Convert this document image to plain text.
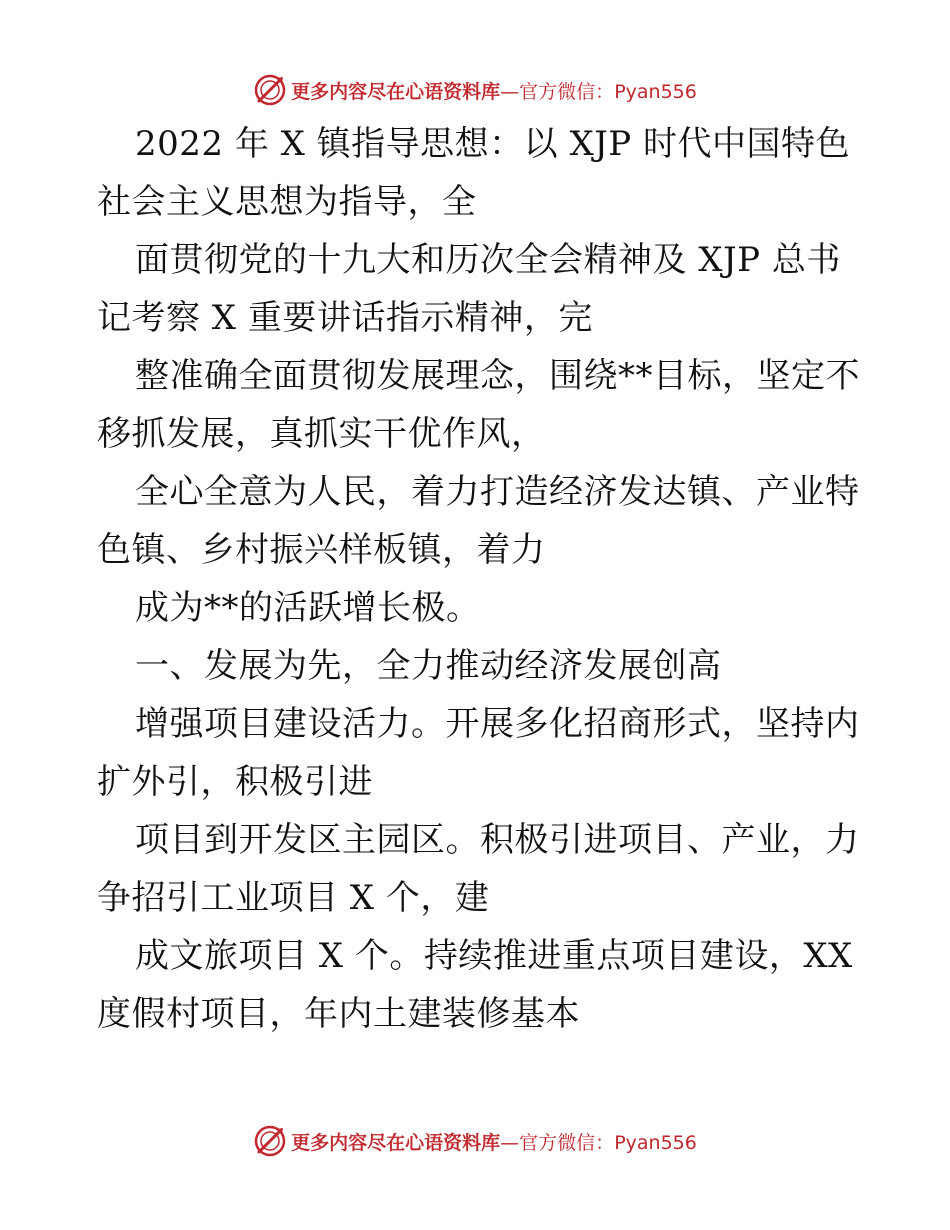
更多内容尽在心语资料库—官方微信：Pyan556
2022 年 X 镇指导思想：以 XJP 时代中国特色
社会主义思想为指导，全
面贯彻党的十九大和历次全会精神及 XJP 总书
记考察 X 重要讲话指示精神，完
整准确全面贯彻发展理念，围绕**目标，坚定不
移抓发展，真抓实干优作风，
全心全意为人民，着力打造经济发达镇、产业特
色镇、乡村振兴样板镇，着力
成为**的活跃增长极。
一、发展为先，全力推动经济发展创高
增强项目建设活力。开展多化招商形式，坚持内
扩外引，积极引进
项目到开发区主园区。积极引进项目、产业，力
争招引工业项目 X 个，建
成文旅项目 X 个。持续推进重点项目建设，XX
度假村项目，年内土建装修基本
更多内容尽在心语资料库—官方微信：Pyan556
